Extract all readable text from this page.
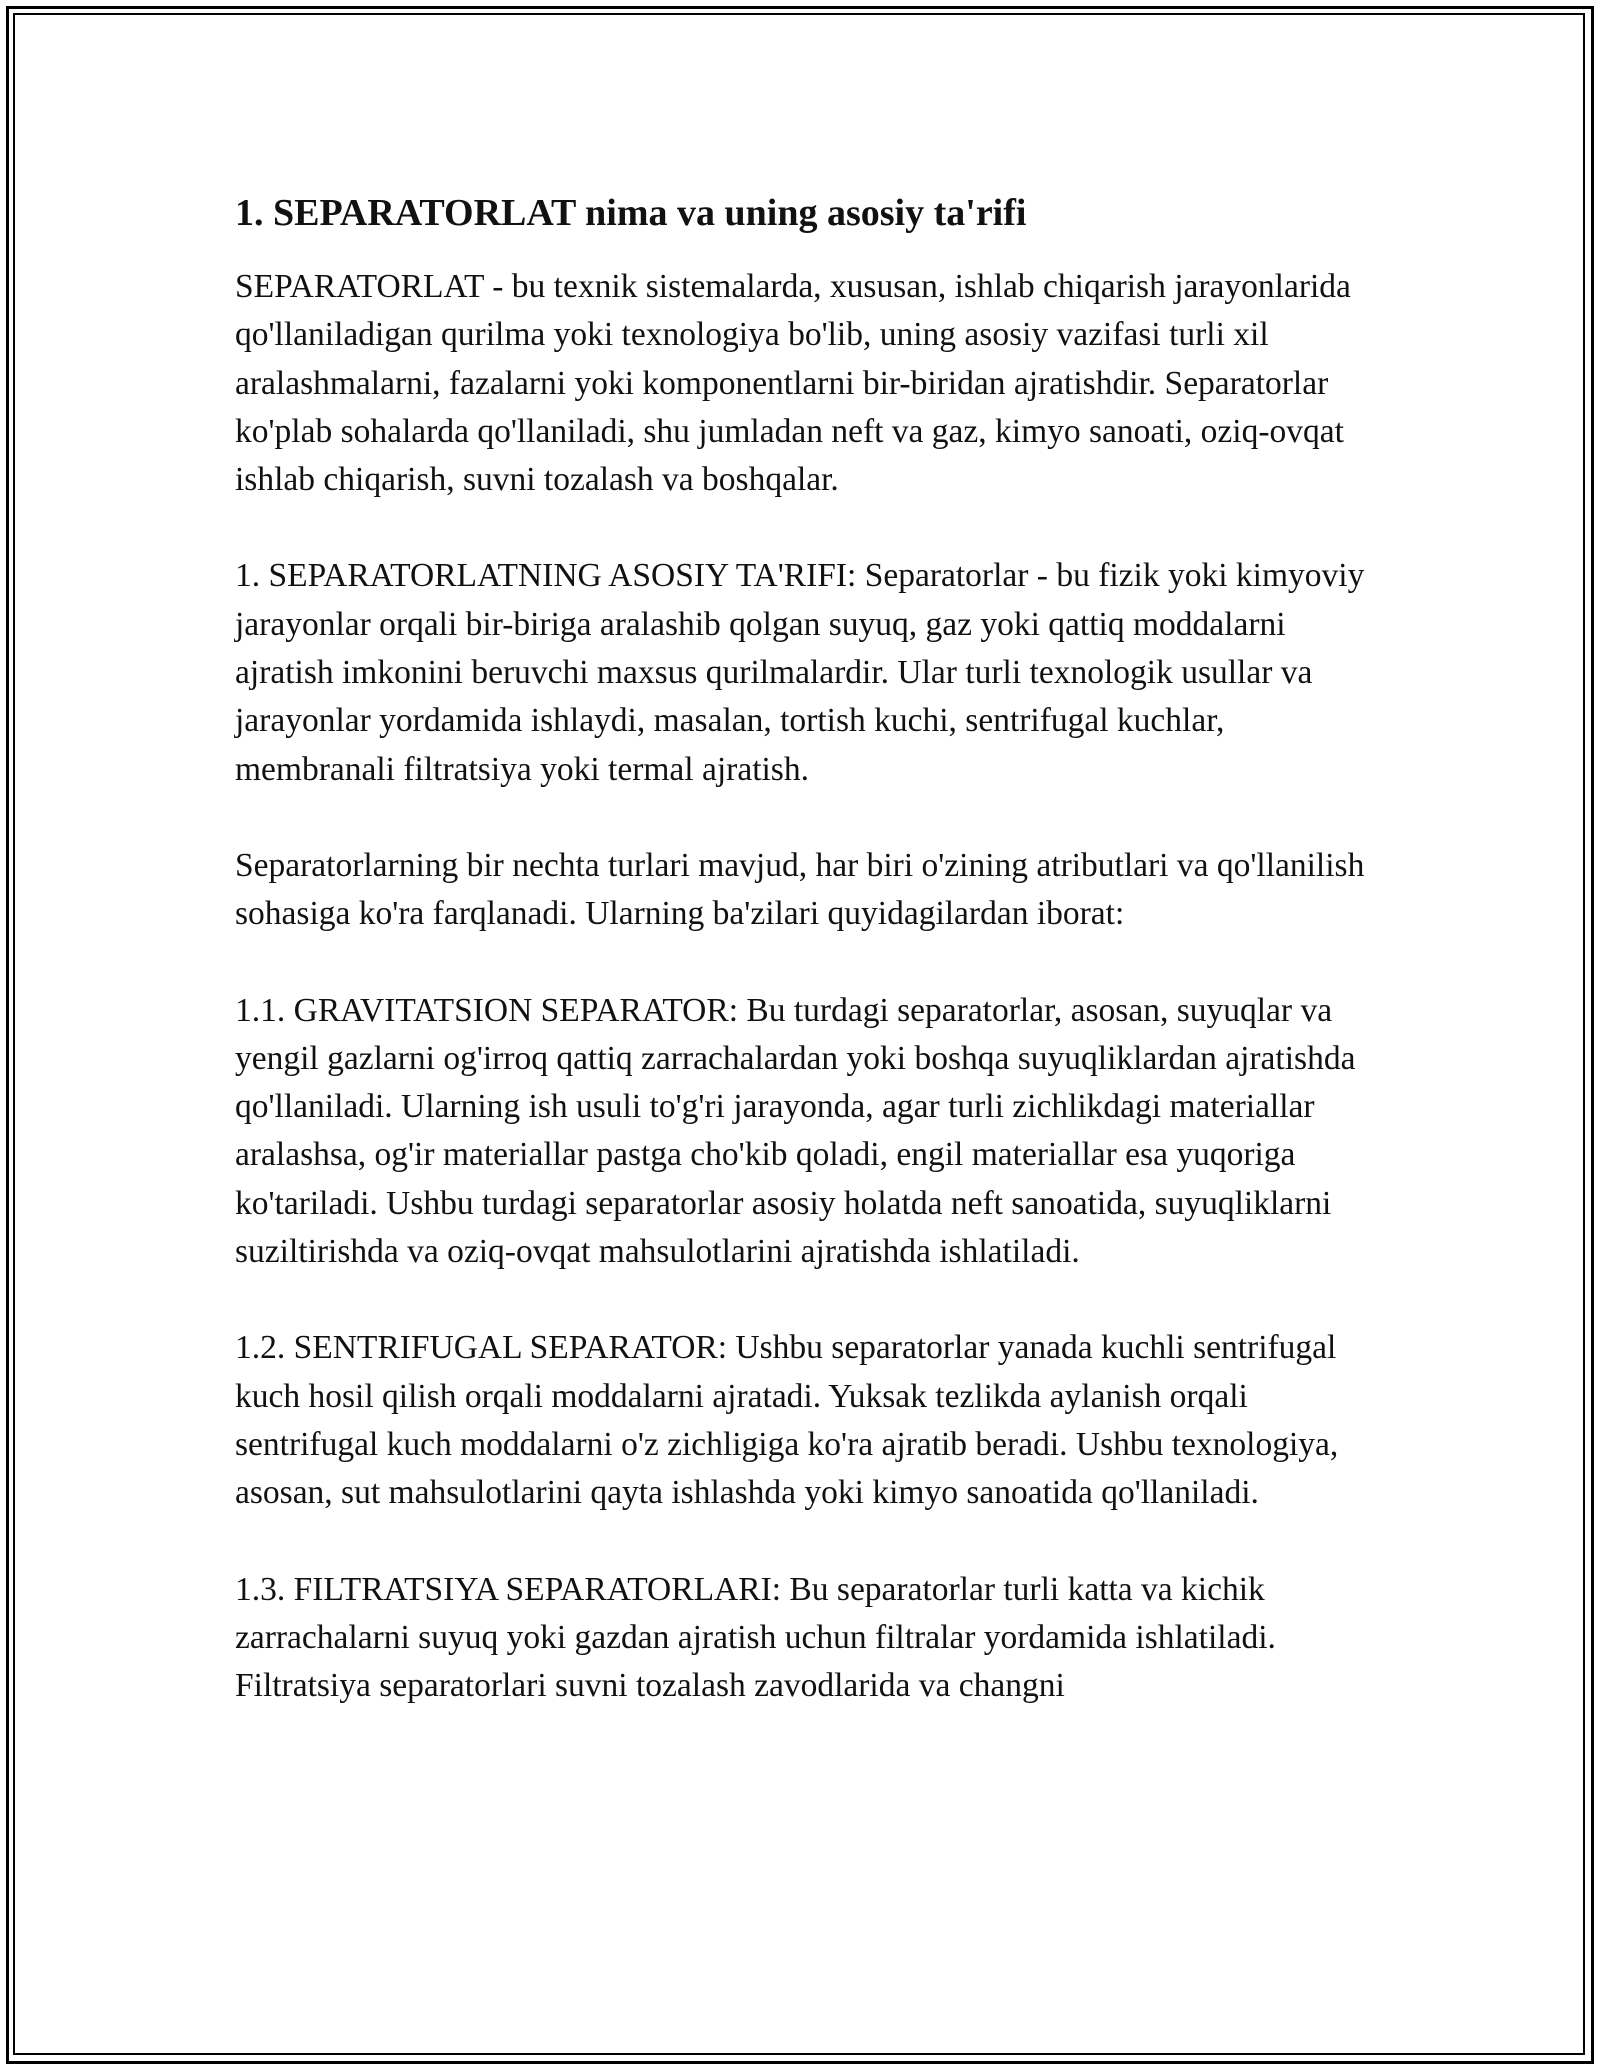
1. SEPARATORLAT nima va uning asosiy ta'rifi

SEPARATORLAT - bu texnik sistemalarda, xususan, ishlab chiqarish jarayonlarida qo'llaniladigan qurilma yoki texnologiya bo'lib, uning asosiy vazifasi turli xil aralashmalarni, fazalarni yoki komponentlarni bir-biridan ajratishdir. Separatorlar ko'plab sohalarda qo'llaniladi, shu jumladan neft va gaz, kimyo sanoati, oziq-ovqat ishlab chiqarish, suvni tozalash va boshqalar.

1. SEPARATORLATNING ASOSIY TA'RIFI: Separatorlar - bu fizik yoki kimyoviy jarayonlar orqali bir-biriga aralashib qolgan suyuq, gaz yoki qattiq moddalarni ajratish imkonini beruvchi maxsus qurilmalardir. Ular turli texnologik usullar va jarayonlar yordamida ishlaydi, masalan, tortish kuchi, sentrifugal kuchlar, membranali filtratsiya yoki termal ajratish.

Separatorlarning bir nechta turlari mavjud, har biri o'zining atributlari va qo'llanilish sohasiga ko'ra farqlanadi. Ularning ba'zilari quyidagilardan iborat:

1.1. GRAVITATSION SEPARATOR: Bu turdagi separatorlar, asosan, suyuqlar va yengil gazlarni og'irroq qattiq zarrachalardan yoki boshqa suyuqliklardan ajratishda qo'llaniladi. Ularning ish usuli to'g'ri jarayonda, agar turli zichlikdagi materiallar aralashsa, og'ir materiallar pastga cho'kib qoladi, engil materiallar esa yuqoriga ko'tariladi. Ushbu turdagi separatorlar asosiy holatda neft sanoatida, suyuqliklarni suziltirishda va oziq-ovqat mahsulotlarini ajratishda ishlatiladi.

1.2. SENTRIFUGAL SEPARATOR: Ushbu separatorlar yanada kuchli sentrifugal kuch hosil qilish orqali moddalarni ajratadi. Yuksak tezlikda aylanish orqali sentrifugal kuch moddalarni o'z zichligiga ko'ra ajratib beradi. Ushbu texnologiya, asosan, sut mahsulotlarini qayta ishlashda yoki kimyo sanoatida qo'llaniladi.

1.3. FILTRATSIYA SEPARATORLARI: Bu separatorlar turli katta va kichik zarrachalarni suyuq yoki gazdan ajratish uchun filtralar yordamida ishlatiladi. Filtratsiya separatorlari suvni tozalash zavodlarida va changni
